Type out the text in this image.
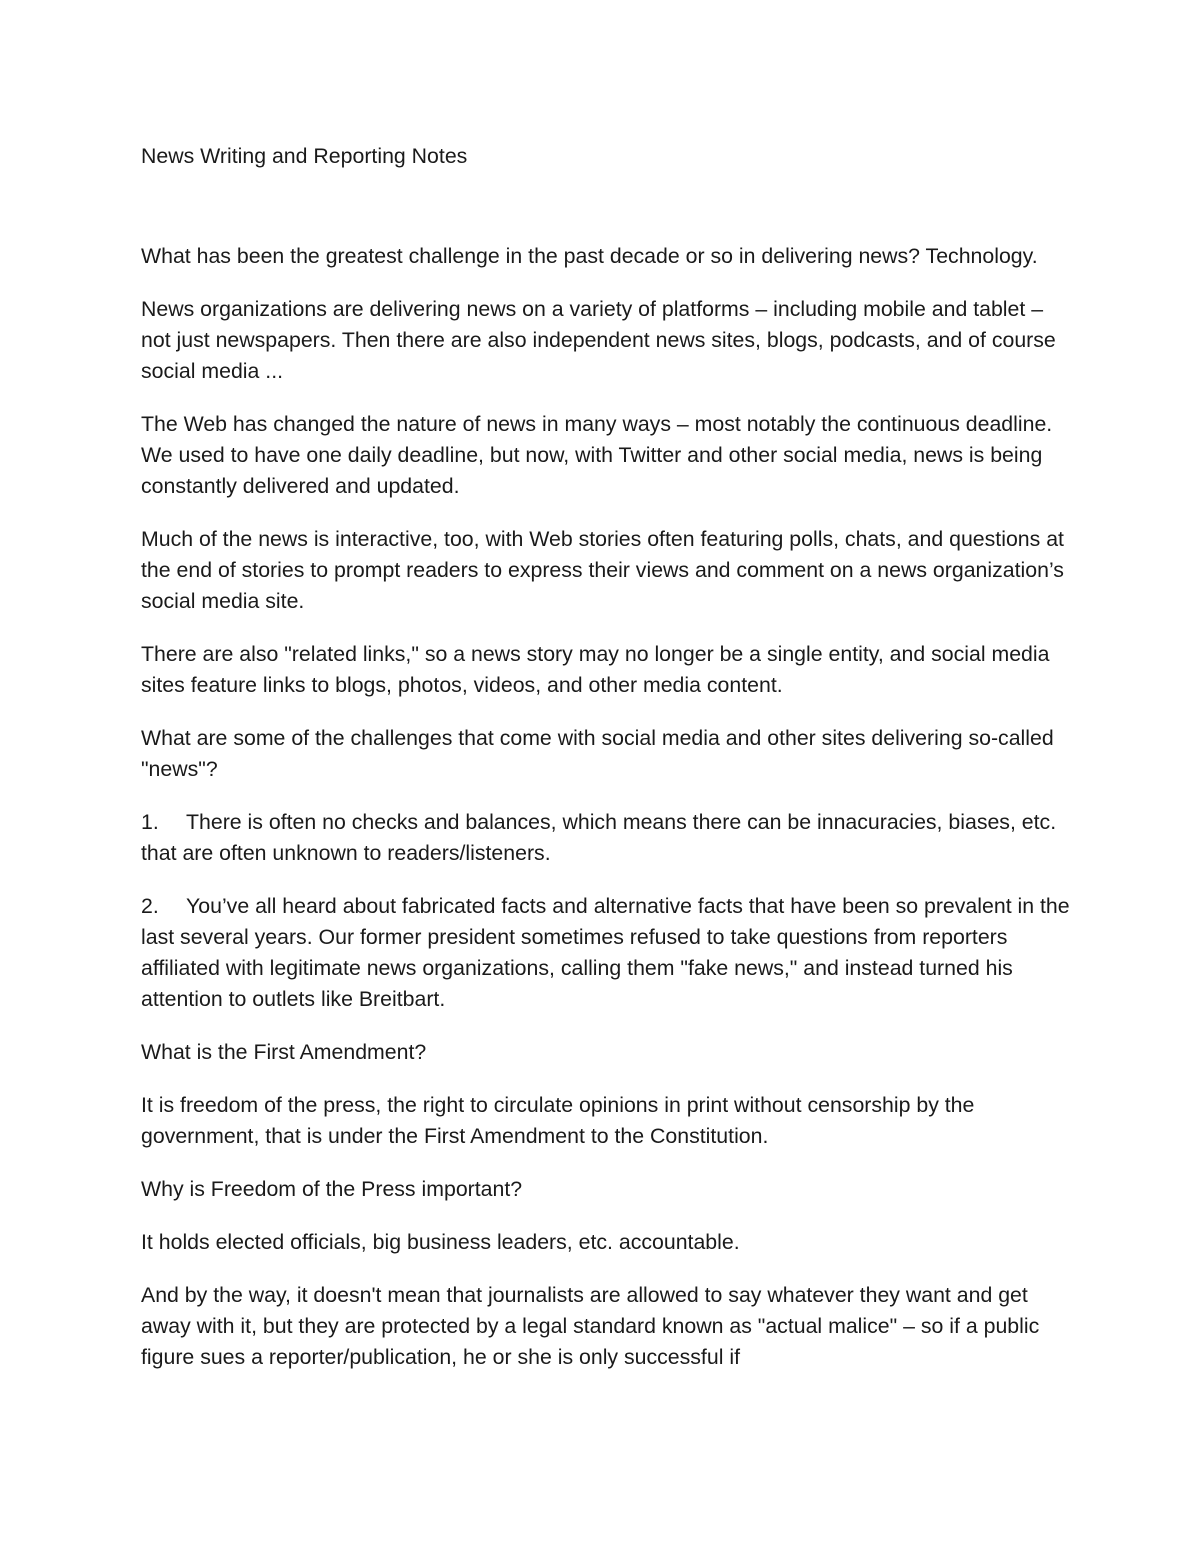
News Writing and Reporting Notes

What has been the greatest challenge in the past decade or so in delivering news? Technology.

News organizations are delivering news on a variety of platforms – including mobile and tablet – not just newspapers. Then there are also independent news sites, blogs, podcasts, and of course social media ...

The Web has changed the nature of news in many ways – most notably the continuous deadline. We used to have one daily deadline, but now, with Twitter and other social media, news is being constantly delivered and updated.

Much of the news is interactive, too, with Web stories often featuring polls, chats, and questions at the end of stories to prompt readers to express their views and comment on a news organization’s social media site.

There are also "related links," so a news story may no longer be a single entity, and social media sites feature links to blogs, photos, videos, and other media content.

What are some of the challenges that come with social media and other sites delivering so-called "news"?

1. There is often no checks and balances, which means there can be innacuracies, biases, etc. that are often unknown to readers/listeners.

2. You’ve all heard about fabricated facts and alternative facts that have been so prevalent in the last several years. Our former president sometimes refused to take questions from reporters affiliated with legitimate news organizations, calling them "fake news," and instead turned his attention to outlets like Breitbart.

What is the First Amendment?

It is freedom of the press, the right to circulate opinions in print without censorship by the government, that is under the First Amendment to the Constitution.

Why is Freedom of the Press important?

It holds elected officials, big business leaders, etc. accountable.

And by the way, it doesn't mean that journalists are allowed to say whatever they want and get away with it, but they are protected by a legal standard known as "actual malice" – so if a public figure sues a reporter/publication, he or she is only successful if
